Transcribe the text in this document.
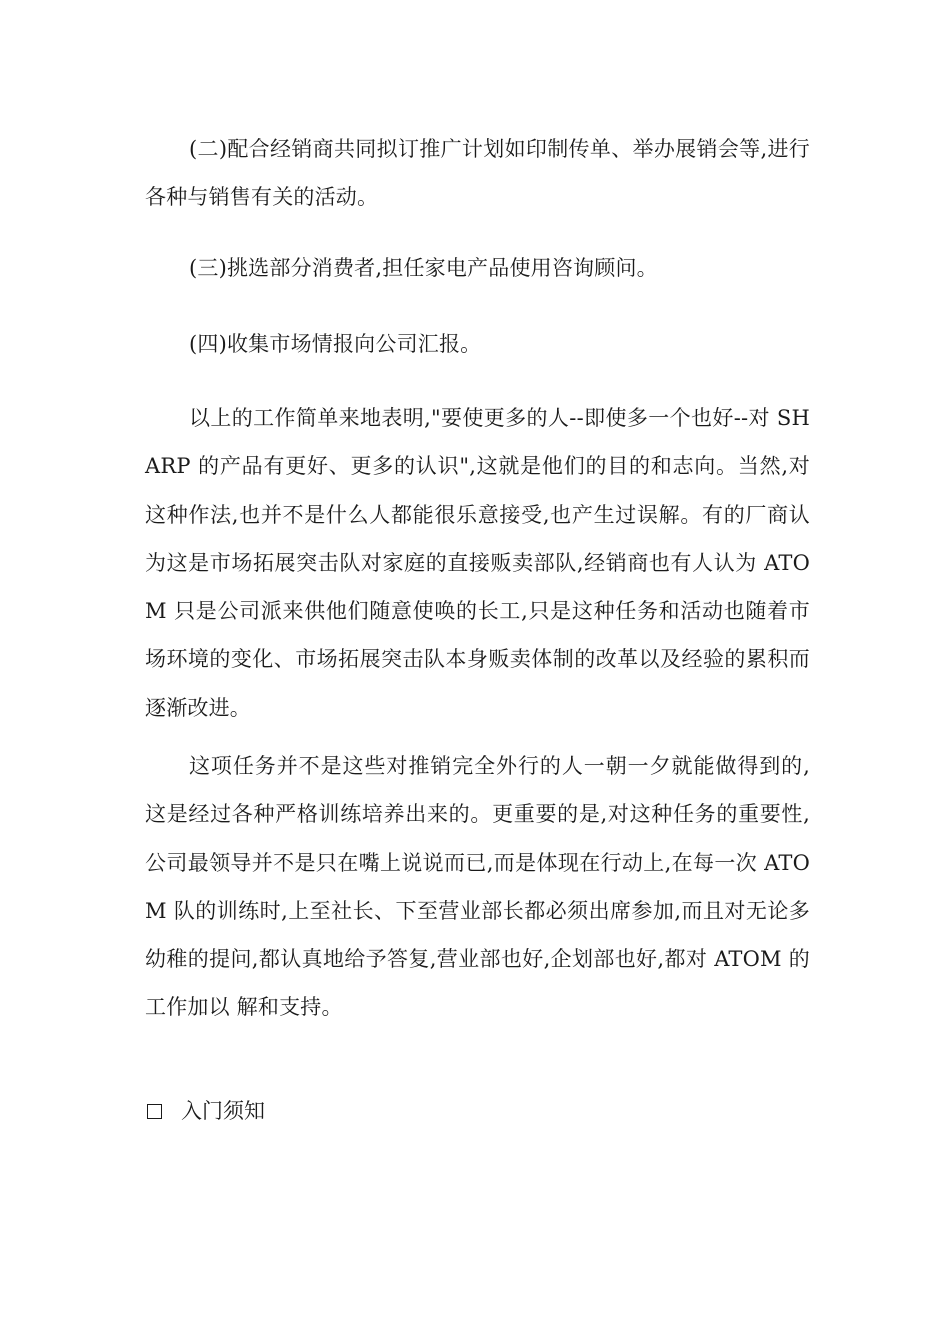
(二)配合经销商共同拟订推广计划如印制传单、举办展销会等,进行各种与销售有关的活动。

(三)挑选部分消费者,担任家电产品使用咨询顾问。

(四)收集市场情报向公司汇报。

以上的工作简单来地表明,"要使更多的人--即使多一个也好--对 SHARP 的产品有更好、更多的认识",这就是他们的目的和志向。当然,对这种作法,也并不是什么人都能很乐意接受,也产生过误解。有的厂商认为这是市场拓展突击队对家庭的直接贩卖部队,经销商也有人认为 ATOM 只是公司派来供他们随意使唤的长工,只是这种任务和活动也随着市场环境的变化、市场拓展突击队本身贩卖体制的改革以及经验的累积而逐渐改进。

这项任务并不是这些对推销完全外行的人一朝一夕就能做得到的,这是经过各种严格训练培养出来的。更重要的是,对这种任务的重要性,公司最领导并不是只在嘴上说说而已,而是体现在行动上,在每一次 ATOM 队的训练时,上至社长、下至营业部长都必须出席参加,而且对无论多幼稚的提问,都认真地给予答复,营业部也好,企划部也好,都对 ATOM 的工作加以 解和支持。

入门须知
